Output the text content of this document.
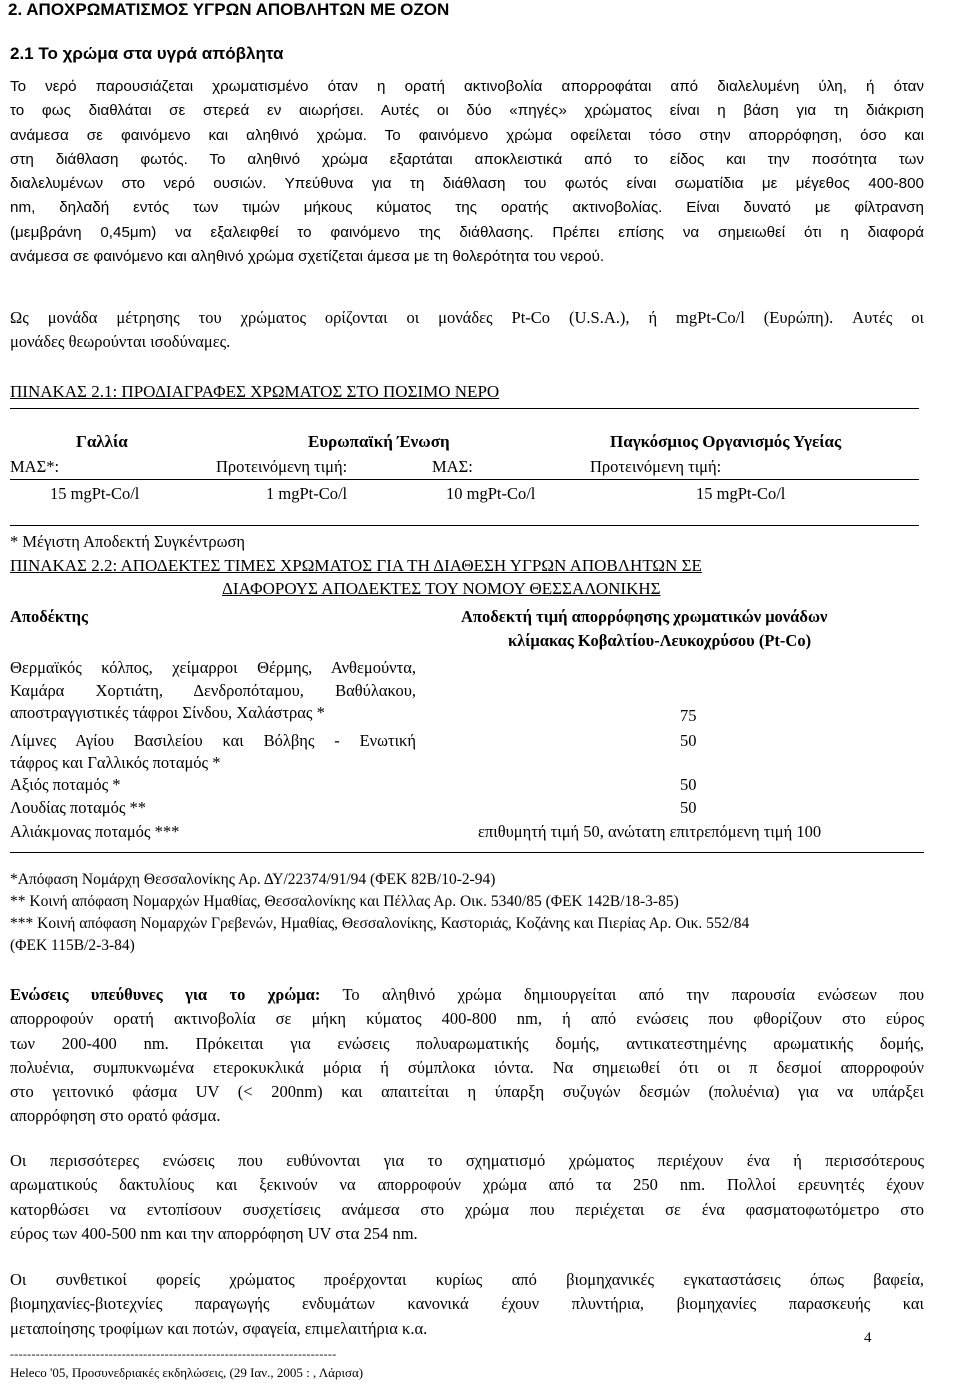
2. ΑΠΟΧΡΩΜΑΤΙΣΜΟΣ ΥΓΡΩΝ ΑΠΟΒΛΗΤΩΝ ΜΕ ΟΖΟΝ
2.1 Το χρώμα στα υγρά απόβλητα
Το νερό παρουσιάζεται χρωματισμένο όταν η ορατή ακτινοβολία απορροφάται από διαλελυμένη ύλη, ή όταν
το φως διαθλάται σε στερεά εν αιωρήσει. Αυτές οι δύο «πηγές» χρώματος είναι η βάση για τη διάκριση
ανάμεσα σε φαινόμενο και αληθινό χρώμα. Το φαινόμενο χρώμα οφείλεται τόσο στην απορρόφηση, όσο και
στη διάθλαση φωτός. Το αληθινό χρώμα εξαρτάται αποκλειστικά από το είδος και την ποσότητα των
διαλελυμένων στο νερό ουσιών. Υπεύθυνα για τη διάθλαση του φωτός είναι σωματίδια με μέγεθος 400-800
nm, δηλαδή εντός των τιμών μήκους κύματος της ορατής ακτινοβολίας. Είναι δυνατό με φίλτρανση
(μεμβράνη 0,45μm) να εξαλειφθεί το φαινόμενο της διάθλασης. Πρέπει επίσης να σημειωθεί ότι η διαφορά
ανάμεσα σε φαινόμενο και αληθινό χρώμα σχετίζεται άμεσα με τη θολερότητα του νερού.
Ως μονάδα μέτρησης του χρώματος ορίζονται οι μονάδες Pt-Co (U.S.A.), ή mgPt-Co/l (Ευρώπη). Αυτές οι
μονάδες θεωρούνται ισοδύναμες.
ΠΙΝΑΚΑΣ 2.1: ΠΡΟΔΙΑΓΡΑΦΕΣ ΧΡΩΜΑΤΟΣ ΣΤΟ ΠΟΣΙΜΟ ΝΕΡΟ
Γαλλία	Ευρωπαϊκή Ένωση	Παγκόσμιος Οργανισμός Υγείας
ΜΑΣ*:	Προτεινόμενη τιμή:	ΜΑΣ:	Προτεινόμενη τιμή:
15 mgPt-Co/l	1 mgPt-Co/l	10 mgPt-Co/l	15 mgPt-Co/l
* Μέγιστη Αποδεκτή Συγκέντρωση
ΠΙΝΑΚΑΣ 2.2: ΑΠΟΔΕΚΤΕΣ ΤΙΜΕΣ ΧΡΩΜΑΤΟΣ ΓΙΑ ΤΗ ΔΙΑΘΕΣΗ ΥΓΡΩΝ ΑΠΟΒΛΗΤΩΝ ΣΕ
ΔΙΑΦΟΡΟΥΣ ΑΠΟΔΕΚΤΕΣ ΤΟΥ ΝΟΜΟΥ ΘΕΣΣΑΛΟΝΙΚΗΣ
Αποδέκτης	Αποδεκτή τιμή απορρόφησης χρωματικών μονάδων
κλίμακας Κοβαλτίου-Λευκοχρύσου (Pt-Co)
Θερμαϊκός κόλπος, χείμαρροι Θέρμης, Ανθεμούντα,
Καμάρα Χορτιάτη, Δενδροπόταμου, Βαθύλακου,
αποστραγγιστικές τάφροι Σίνδου, Χαλάστρας *	75
Λίμνες Αγίου Βασιλείου και Βόλβης - Ενωτική	50
τάφρος και Γαλλικός ποταμός *
Αξιός ποταμός *	50
Λουδίας ποταμός **	50
Αλιάκμονας ποταμός ***	επιθυμητή τιμή 50, ανώτατη επιτρεπόμενη τιμή 100
*Απόφαση Νομάρχη Θεσσαλονίκης Αρ. ΔΥ/22374/91/94 (ΦΕΚ 82Β/10-2-94)
** Κοινή απόφαση Νομαρχών Ημαθίας, Θεσσαλονίκης και Πέλλας Αρ. Οικ. 5340/85 (ΦΕΚ 142Β/18-3-85)
*** Κοινή απόφαση Νομαρχών Γρεβενών, Ημαθίας, Θεσσαλονίκης, Καστοριάς, Κοζάνης και Πιερίας Αρ. Οικ. 552/84
(ΦΕΚ 115Β/2-3-84)
Ενώσεις υπεύθυνες για το χρώμα: Το αληθινό χρώμα δημιουργείται από την παρουσία ενώσεων που
απορροφούν ορατή ακτινοβολία σε μήκη κύματος 400-800 nm, ή από ενώσεις που φθορίζουν στο εύρος
των 200-400 nm. Πρόκειται για ενώσεις πολυαρωματικής δομής, αντικατεστημένης αρωματικής δομής,
πολυένια, συμπυκνωμένα ετεροκυκλικά μόρια ή σύμπλοκα ιόντα. Να σημειωθεί ότι οι π δεσμοί απορροφούν
στο γειτονικό φάσμα UV (< 200nm) και απαιτείται η ύπαρξη συζυγών δεσμών (πολυένια) για να υπάρξει
απορρόφηση στο ορατό φάσμα.
Οι περισσότερες ενώσεις που ευθύνονται για το σχηματισμό χρώματος περιέχουν ένα ή περισσότερους
αρωματικούς δακτυλίους και ξεκινούν να απορροφούν χρώμα από τα 250 nm. Πολλοί ερευνητές έχουν
κατορθώσει να εντοπίσουν συσχετίσεις ανάμεσα στο χρώμα που περιέχεται σε ένα φασματοφωτόμετρο στο
εύρος των 400-500 nm και την απορρόφηση UV στα 254 nm.
Οι συνθετικοί φορείς χρώματος προέρχονται κυρίως από βιομηχανικές εγκαταστάσεις όπως βαφεία,
βιομηχανίες-βιοτεχνίες παραγωγής ενδυμάτων κανονικά έχουν πλυντήρια, βιομηχανίες παρασκευής και
μεταποίησης τροφίμων και ποτών, σφαγεία, επιμελαιτήρια κ.α.
4
----------------------------------------------------------------------------
Heleco '05, Προσυνεδριακές εκδηλώσεις, (29 Ιαν., 2005 : , Λάρισα)
